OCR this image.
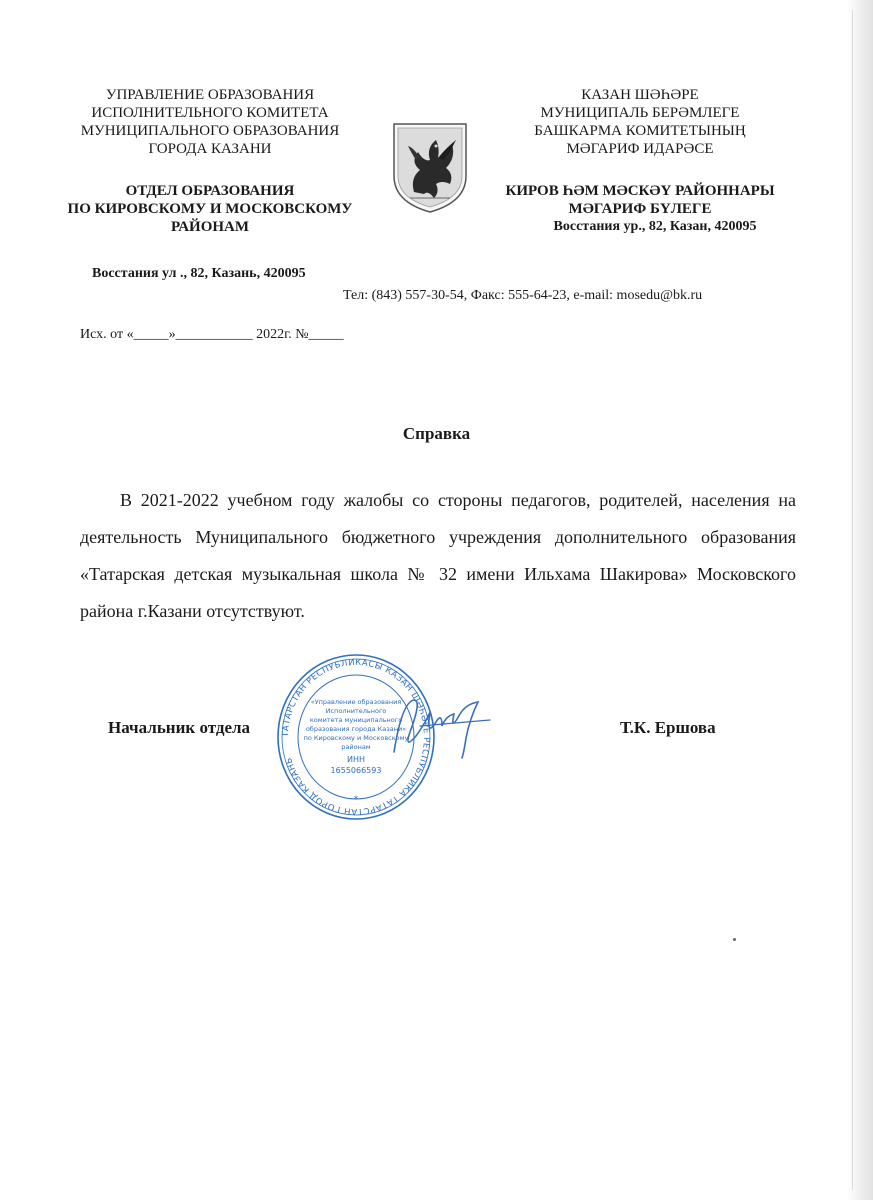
УПРАВЛЕНИЕ ОБРАЗОВАНИЯ
ИСПОЛНИТЕЛЬНОГО КОМИТЕТА
МУНИЦИПАЛЬНОГО ОБРАЗОВАНИЯ
ГОРОДА КАЗАНИ
ОТДЕЛ ОБРАЗОВАНИЯ
ПО КИРОВСКОМУ И МОСКОВСКОМУ
РАЙОНАМ
Восстания ул ., 82, Казань, 420095
КАЗАН ШӘҺӘРЕ
МУНИЦИПАЛЬ БЕРӘМЛЕГЕ
БАШКАРМА КОМИТЕТЫНЫҢ
МӘГАРИФ ИДАРӘСЕ
КИРОВ ҺӘМ МӘСКӘҮ РАЙОННАРЫ
МӘГАРИФ БҮЛЕГЕ
Восстания ур., 82, Казан, 420095
Тел: (843) 557-30-54, Факс: 555-64-23, e-mail: mosedu@bk.ru
Исх. от «_____»___________ 2022г. №_____
Справка
В 2021-2022 учебном году жалобы со стороны педагогов, родителей, населения на деятельность Муниципального бюджетного учреждения дополнительного образования «Татарская детская музыкальная школа № 32 имени Ильхама Шакирова» Московского района г.Казани отсутствуют.
ТАТАРСТАН РЕСПУБЛИКАСЫ КАЗАН ШӘҺӘРЕ РЕСПУБЛИКА ТАТАРСТАН ГОРОД КАЗАНЬ
«Управление образования
Исполнительного
комитета муниципального
образования города Казани»
по Кировскому и Московскому
районам
ИНН
1655066593
*
Начальник отдела	Т.К. Ершова
